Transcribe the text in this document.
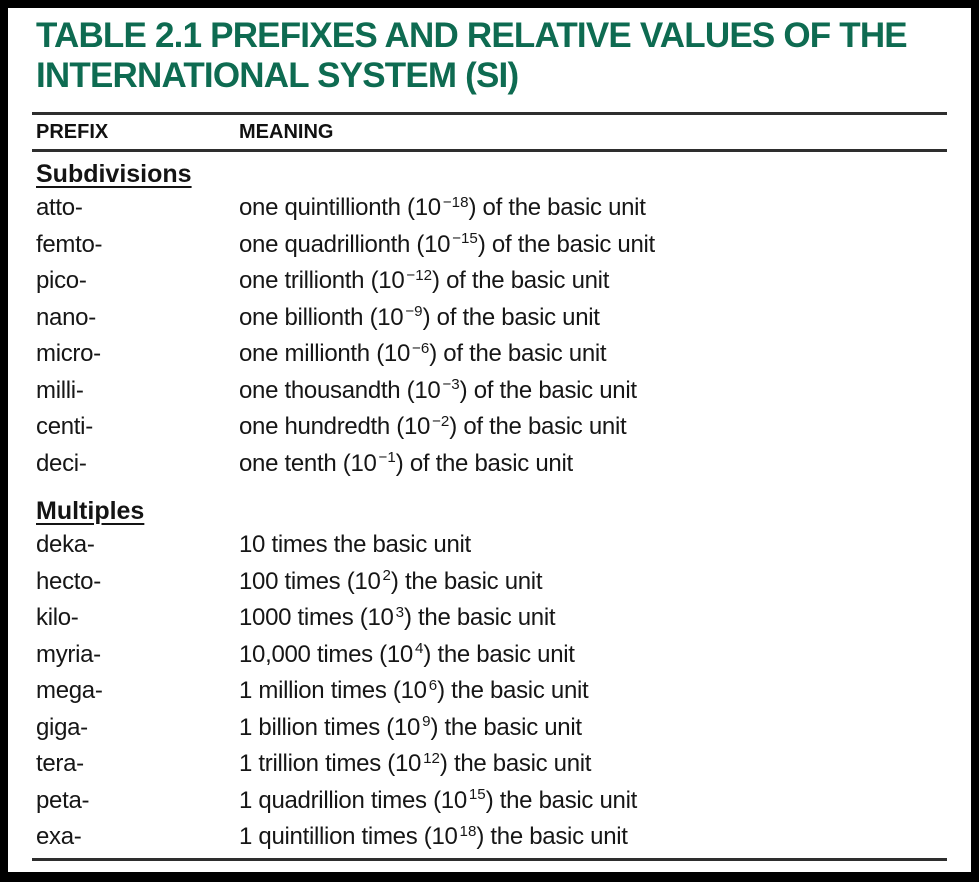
TABLE 2.1 PREFIXES AND RELATIVE VALUES OF THE
INTERNATIONAL SYSTEM (SI)
PREFIX	MEANING
Subdivisions
atto-	one quintillionth (10 $^{-18}$) of the basic unit
femto-	one quadrillionth (10 $^{-15}$) of the basic unit
pico-	one trillionth (10 $^{-12}$) of the basic unit
nano-	one billionth (10 $^{-9}$) of the basic unit
micro-	one millionth (10 $^{-6}$) of the basic unit
milli-	one thousandth (10 $^{-3}$) of the basic unit
centi-	one hundredth (10 $^{-2}$) of the basic unit
deci-	one tenth (10 $^{-1}$) of the basic unit
Multiples
deka-	10 times the basic unit
hecto-	100 times (10 $^2$) the basic unit
kilo-	1000 times (10 $^3$) the basic unit
myria-	10,000 times (10 $^4$) the basic unit
mega-	1 million times (10 $^6$) the basic unit
giga-	1 billion times (10 $^9$) the basic unit
tera-	1 trillion times (10 $^{12}$) the basic unit
peta-	1 quadrillion times (10 $^{15}$) the basic unit
exa-	1 quintillion times (10 $^{18}$) the basic unit
